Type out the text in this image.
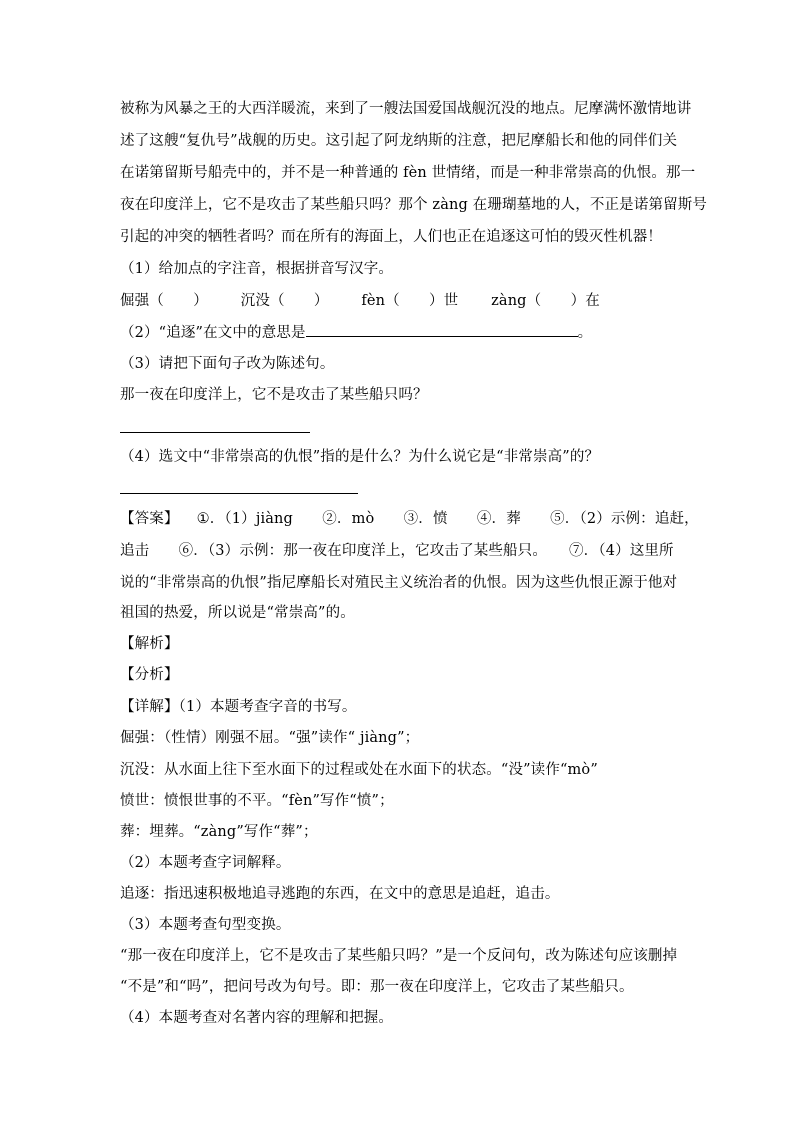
被称为风暴之王的大西洋暖流，来到了一艘法国爱国战舰沉没的地点。尼摩满怀激情地讲
述了这艘“复仇号”战舰的历史。这引起了阿龙纳斯的注意，把尼摩船长和他的同伴们关
在诺第留斯号船壳中的，并不是一种普通的 fèn 世情绪，而是一种非常崇高的仇恨。那一
夜在印度洋上，它不是攻击了某些船只吗？那个 zàng 在珊瑚墓地的人，不正是诺第留斯号
引起的冲突的牺牲者吗？而在所有的海面上，人们也正在追逐这可怕的毁灭性机器！
（1）给加点的字注音，根据拼音写汉字。
倔强（　　） 沉没（　　） fèn（　　）世 zàng（　　）在
（2）“追逐”在文中的意思是	。
（3）请把下面句子改为陈述句。
那一夜在印度洋上，它不是攻击了某些船只吗？
（4）选文中“非常崇高的仇恨”指的是什么？为什么说它是“非常崇高”的？
【答案】 ①．（1）jiàng　　②．mò　　③．愤　　④．葬　　⑤．（2）示例：追赶，
追击　　⑥．（3）示例：那一夜在印度洋上，它攻击了某些船只。　　⑦．（4）这里所
说的“非常崇高的仇恨”指尼摩船长对殖民主义统治者的仇恨。因为这些仇恨正源于他对
祖国的热爱，所以说是“常崇高”的。
【解析】
【分析】
【详解】（1）本题考查字音的书写。
倔强：（性情）刚强不屈。“强”读作“ jiàng”；
沉没：从水面上往下至水面下的过程或处在水面下的状态。“没”读作“mò”
愤世：愤恨世事的不平。“fèn”写作“愤”；
葬：埋葬。“zàng”写作“葬”；
（2）本题考查字词解释。
追逐：指迅速积极地追寻逃跑的东西，在文中的意思是追赶，追击。
（3）本题考查句型变换。
“那一夜在印度洋上，它不是攻击了某些船只吗？”是一个反问句，改为陈述句应该删掉
“不是”和“吗”，把问号改为句号。即：那一夜在印度洋上，它攻击了某些船只。
（4）本题考查对名著内容的理解和把握。
